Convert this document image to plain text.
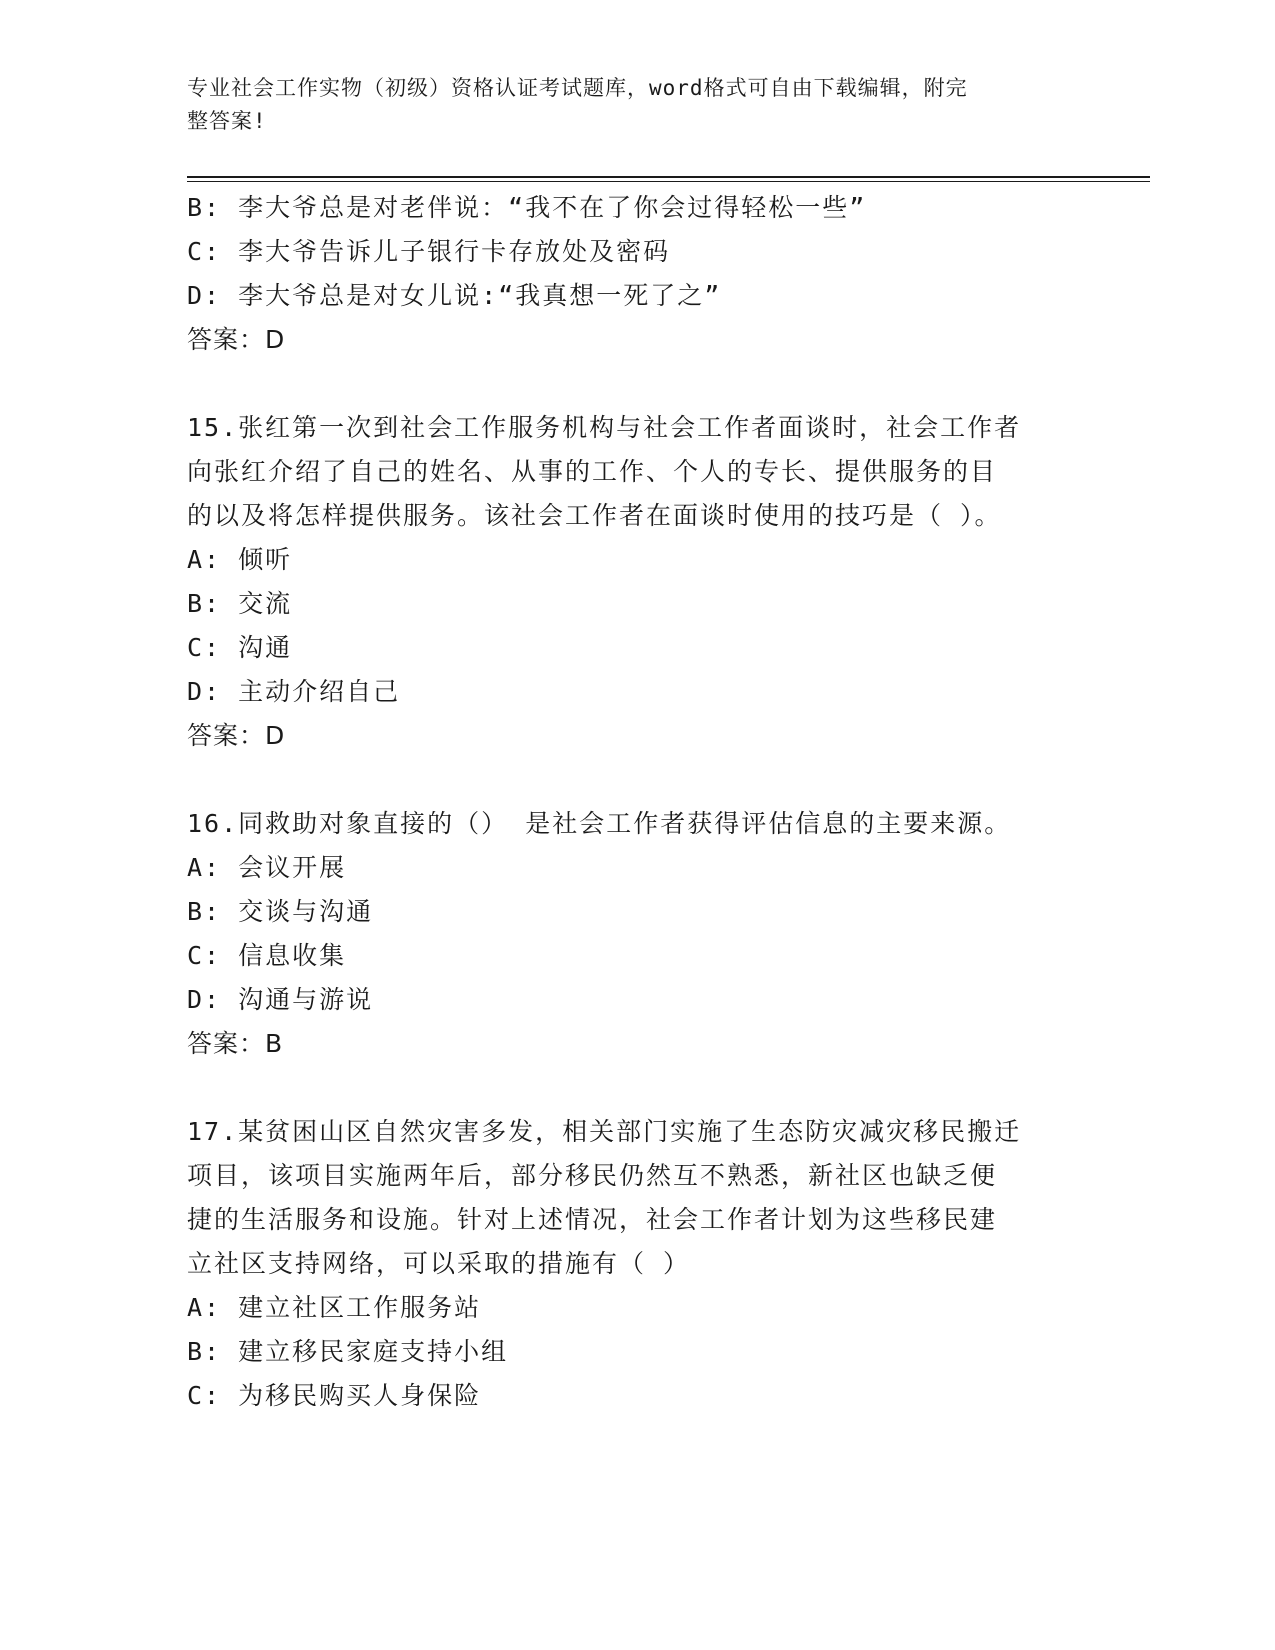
专业社会工作实物（初级）资格认证考试题库，word格式可自由下载编辑，附完
整答案!
B: 李大爷总是对老伴说：“我不在了你会过得轻松一些”
C: 李大爷告诉儿子银行卡存放处及密码
D: 李大爷总是对女儿说:“我真想一死了之”
答案：D
15.张红第一次到社会工作服务机构与社会工作者面谈时，社会工作者
向张红介绍了自己的姓名、从事的工作、个人的专长、提供服务的目
的以及将怎样提供服务。该社会工作者在面谈时使用的技巧是（ ）。
A: 倾听
B: 交流
C: 沟通
D: 主动介绍自己
答案：D
16.同救助对象直接的（） 是社会工作者获得评估信息的主要来源。
A: 会议开展
B: 交谈与沟通
C: 信息收集
D: 沟通与游说
答案：B
17.某贫困山区自然灾害多发，相关部门实施了生态防灾减灾移民搬迁
项目，该项目实施两年后，部分移民仍然互不熟悉，新社区也缺乏便
捷的生活服务和设施。针对上述情况，社会工作者计划为这些移民建
立社区支持网络，可以采取的措施有（ ）
A: 建立社区工作服务站
B: 建立移民家庭支持小组
C: 为移民购买人身保险
